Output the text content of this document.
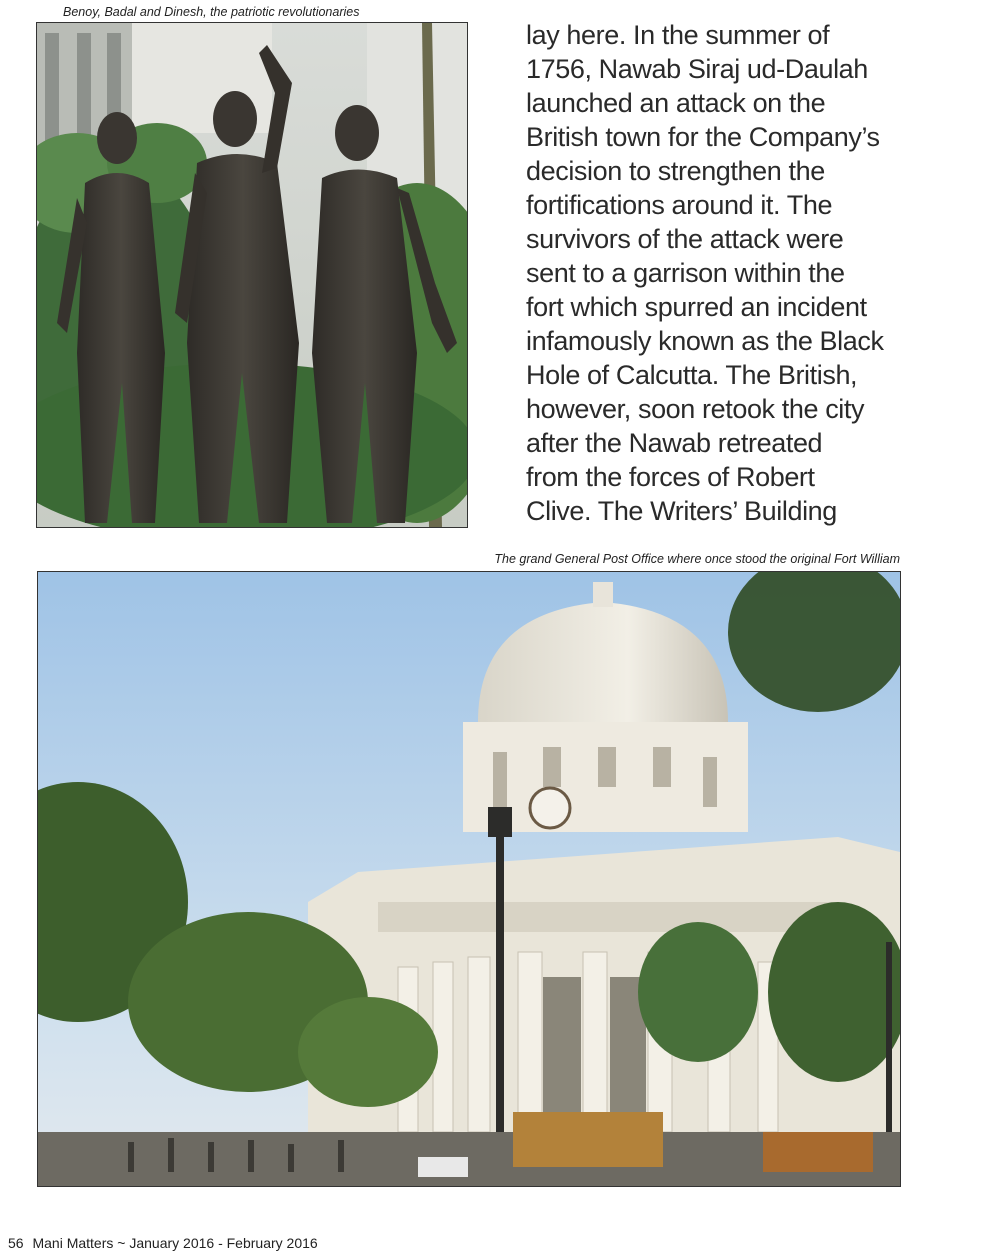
Benoy, Badal and Dinesh, the patriotic revolutionaries
lay here. In the summer of
1756, Nawab Siraj ud-Daulah
launched an attack on the
British town for the Company’s
decision to strengthen the
fortifications around it. The
survivors of the attack were
sent to a garrison within the
fort which spurred an incident
infamously known as the Black
Hole of Calcutta. The British,
however, soon retook the city
after the Nawab retreated
from the forces of Robert
Clive. The Writers’ Building
The grand General Post Office where once stood the original Fort William
56 Mani Matters ~ January 2016 - February 2016
